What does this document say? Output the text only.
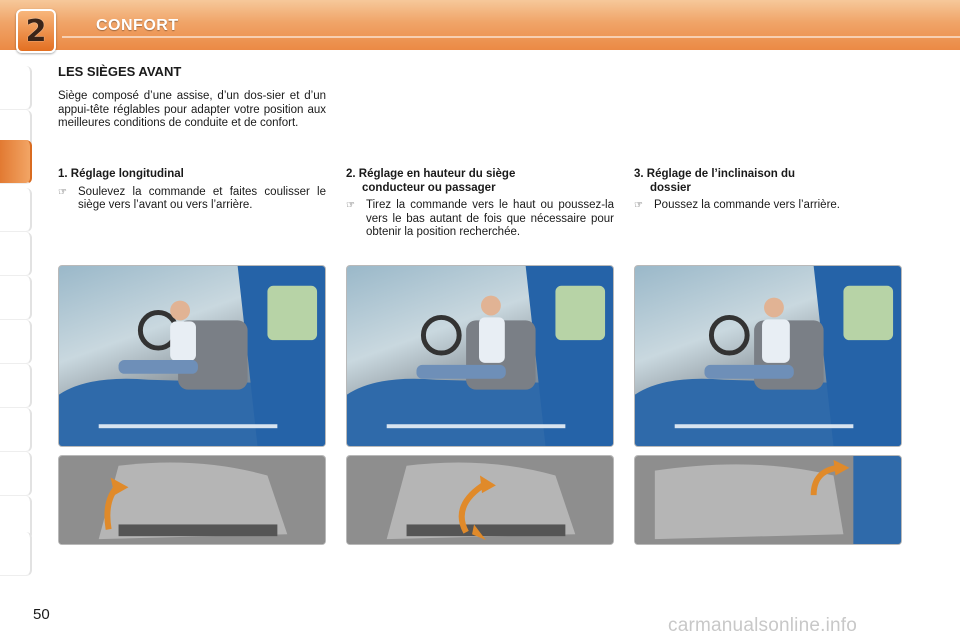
2	CONFORT
LES SIÈGES AVANT

Siège composé d’une assise, d’un dos-sier et d’un appui-tête réglables pour adapter votre position aux meilleures conditions de conduite et de confort.

1. Réglage longitudinal
☞ Soulevez la commande et faites coulisser le siège vers l’avant ou vers l’arrière.
2. Réglage en hauteur du siège
conducteur ou passager
☞ Tirez la commande vers le haut ou poussez-la vers le bas autant de fois que nécessaire pour obtenir la position recherchée.
3. Réglage de l’inclinaison du
dossier
☞ Poussez la commande vers l’arrière.
50
carmanualsonline.info
